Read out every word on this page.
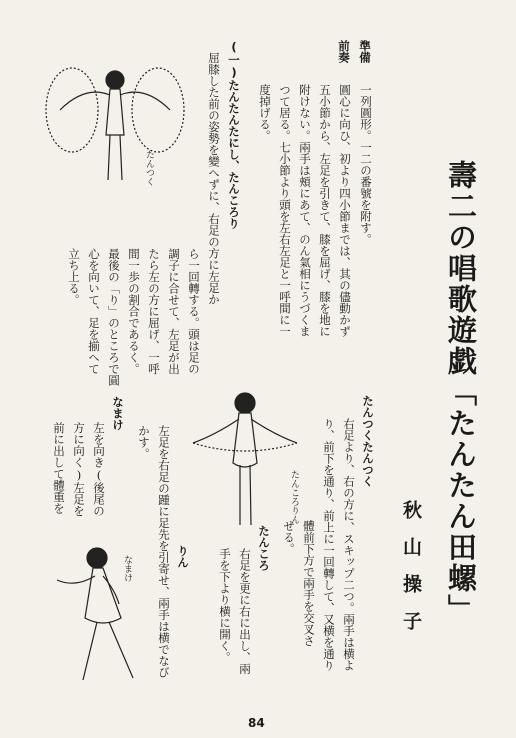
壽二の唱歌遊戯「たんたん田螺」
秋山操子
準備
前奏
一列圓形。一二の番號を附す。
圓心に向ひ、初より四小節までは、其の儘動かず
五小節から、左足を引きて、膝を屈げ、膝を地に
附けない。兩手は頰にあて、のん氣相にうづくま
つて居る。七小節より頭を左右左足と一呼間に一
度掉げる。
(一)たんたんたにし、たんころり
屈膝した前の姿勢を變へずに、右足の方に左足か
ら一回轉する。頭は足の
調子に合せて、左足が出
たら左の方に屈げ、一呼
間一歩の割合であるく。
最後の「り」のところで圓
心を向いて、足を揃へて
立ち上る。
たんつくたんつく
右足より、右の方に、スキップ二つ。兩手は横よ
り、前下を通り、前上に一回轉して、又横を通り
體前下方で兩手を交叉さ
せる。
たんころ
右足を更に右に出し、兩
手を下より横に開く。
りん
左足を右足の踵に足先を引寄せ、兩手は横でなび
かす。
なまけ
左を向き(後尾の
方に向く)左足を
前に出して體重を
たんつく
たんころりん
なまけ
84
